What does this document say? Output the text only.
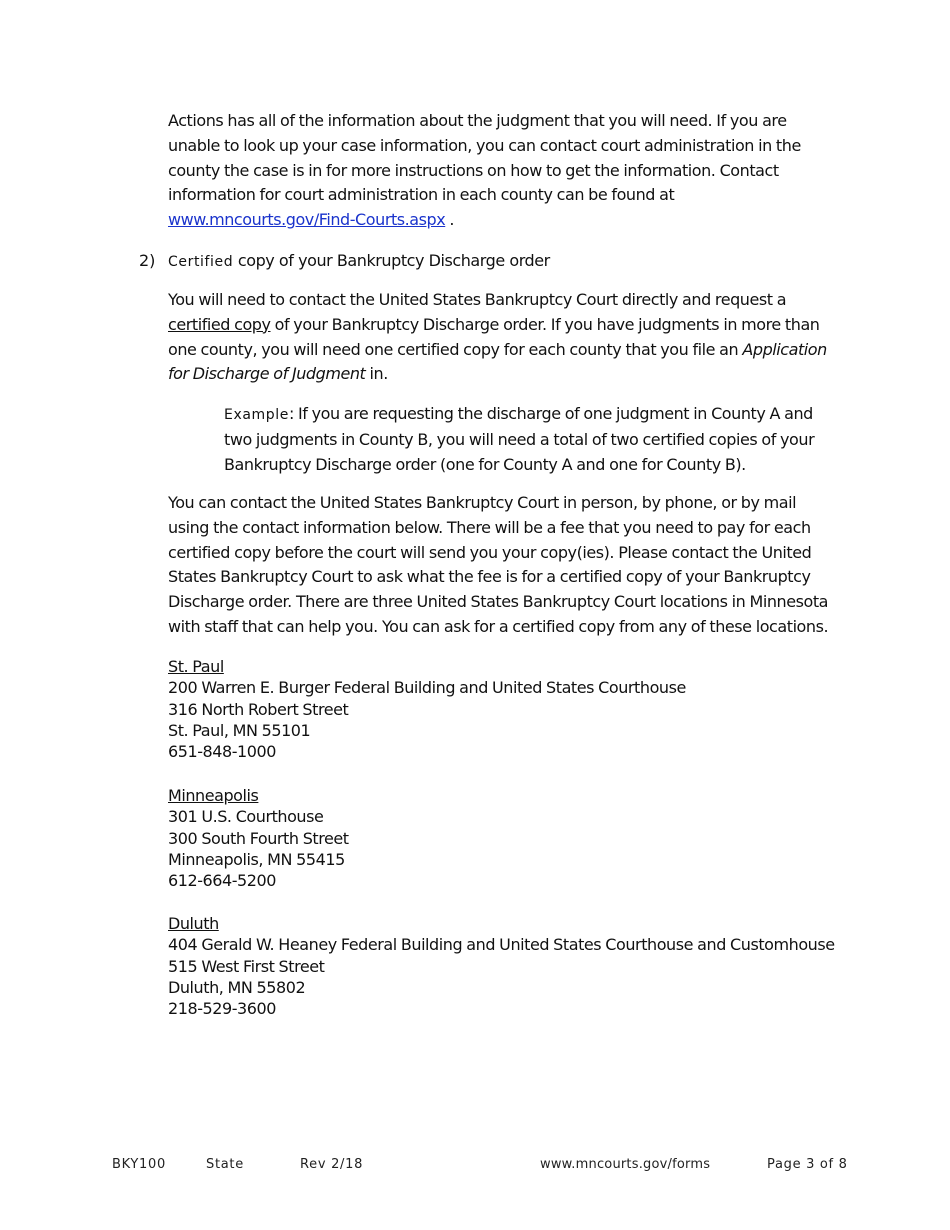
Actions has all of the information about the judgment that you will need. If you are unable to look up your case information, you can contact court administration in the county the case is in for more instructions on how to get the information. Contact information for court administration in each county can be found at www.mncourts.gov/Find-Courts.aspx .

2) Certified copy of your Bankruptcy Discharge order

You will need to contact the United States Bankruptcy Court directly and request a certified copy of your Bankruptcy Discharge order. If you have judgments in more than one county, you will need one certified copy for each county that you file an Application for Discharge of Judgment in.

Example: If you are requesting the discharge of one judgment in County A and two judgments in County B, you will need a total of two certified copies of your Bankruptcy Discharge order (one for County A and one for County B).

You can contact the United States Bankruptcy Court in person, by phone, or by mail using the contact information below. There will be a fee that you need to pay for each certified copy before the court will send you your copy(ies). Please contact the United States Bankruptcy Court to ask what the fee is for a certified copy of your Bankruptcy Discharge order. There are three United States Bankruptcy Court locations in Minnesota with staff that can help you. You can ask for a certified copy from any of these locations.

St. Paul
200 Warren E. Burger Federal Building and United States Courthouse
316 North Robert Street
St. Paul, MN 55101
651-848-1000
Minneapolis
301 U.S. Courthouse
300 South Fourth Street
Minneapolis, MN 55415
612-664-5200
Duluth
404 Gerald W. Heaney Federal Building and United States Courthouse and Customhouse
515 West First Street
Duluth, MN 55802
218-529-3600
BKY100	State	Rev 2/18	www.mncourts.gov/forms	Page 3 of 8
